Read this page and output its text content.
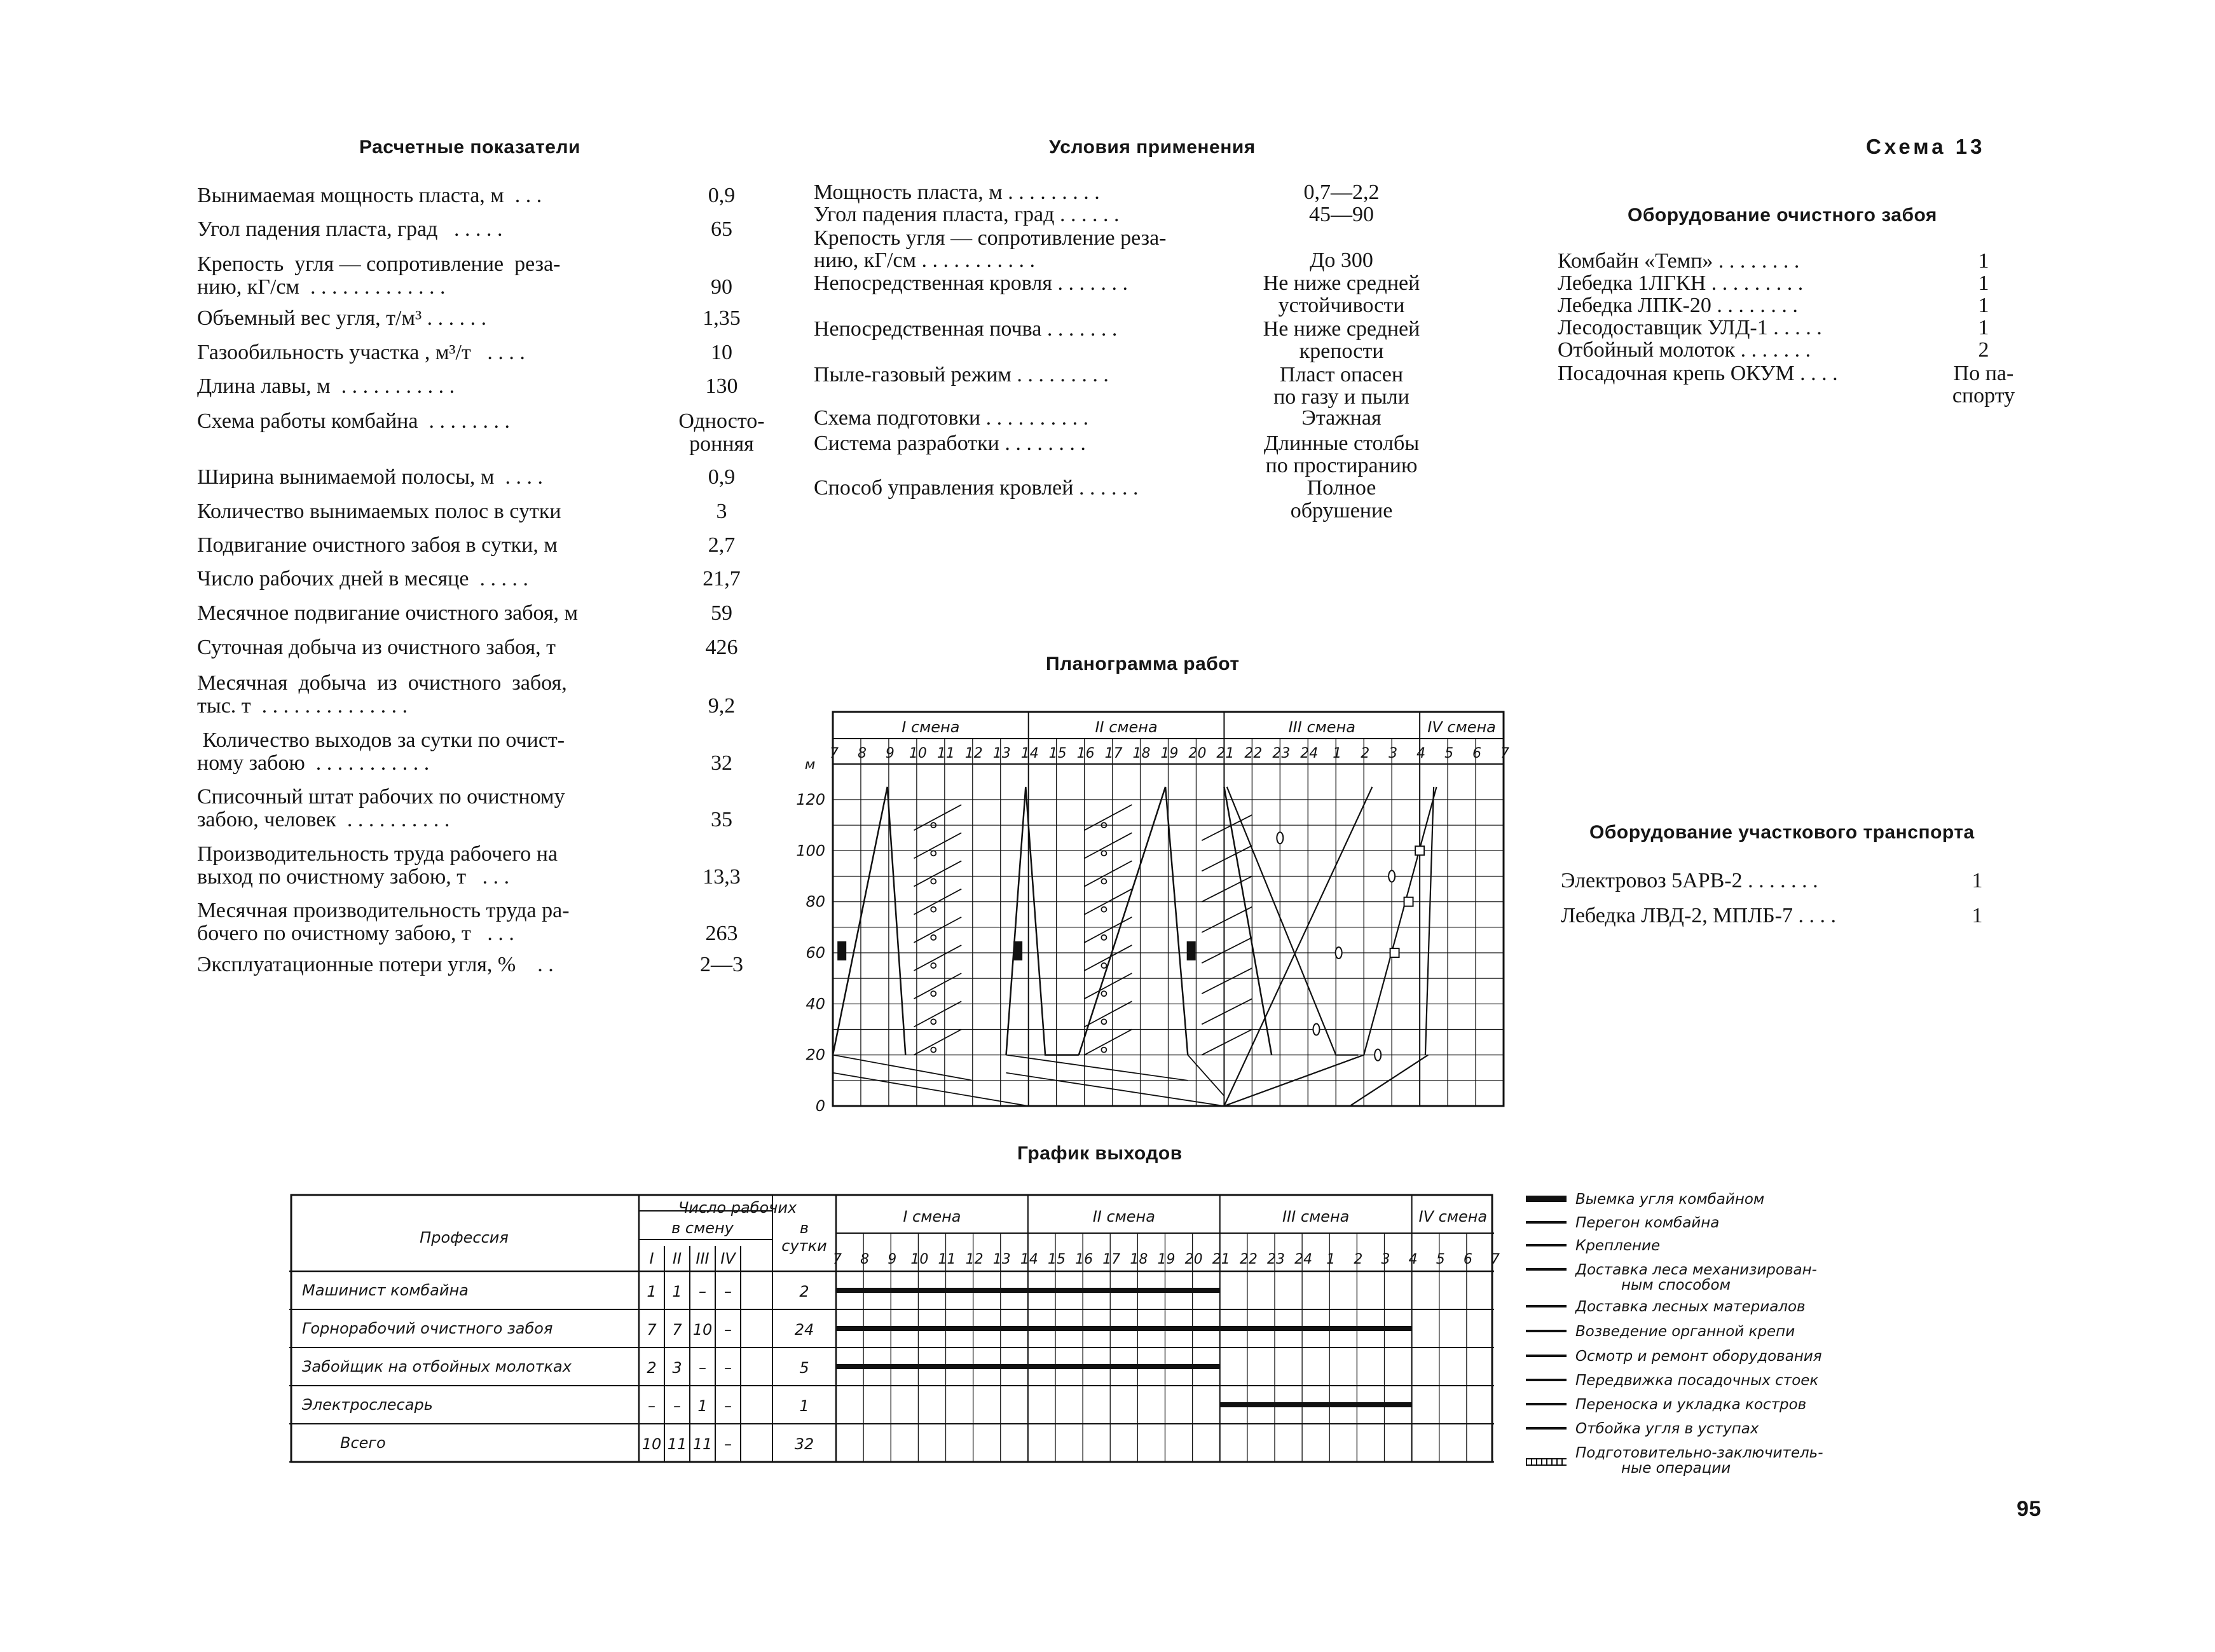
Схема 13
Расчетные показатели	Условия применения
Оборудование очистного забоя
Оборудование участкового транспорта
Планограмма работ
График выходов
Вынимаемая мощность пласта, м  . . .	0,9
Угол падения пласта, град   . . . . .	65
Крепость  угля — сопротивление  реза-
нию, кГ/см  . . . . . . . . . . . . .	90
Объемный вес угля, т/м³ . . . . . .	1,35
Газообильность участка , м³/т   . . . .	10
Длина лавы, м  . . . . . . . . . . .	130
Схема работы комбайна  . . . . . . . .	Односто-
ронняя
Ширина вынимаемой полосы, м  . . . .	0,9
Количество вынимаемых полос в сутки	3
Подвигание очистного забоя в сутки, м	2,7
Число рабочих дней в месяце  . . . . .	21,7
Месячное подвигание очистного забоя, м	59
Суточная добыча из очистного забоя, т	426
Месячная  добыча  из  очистного  забоя,
тыс. т  . . . . . . . . . . . . . .	9,2
Количество выходов за сутки по очист-
ному забою  . . . . . . . . . . .	32
Списочный штат рабочих по очистному
забою, человек  . . . . . . . . . .	35
Производительность труда рабочего на
выход по очистному забою, т   . . .	13,3
Месячная производительность труда ра-
бочего по очистному забою, т   . . .	263
Эксплуатационные потери угля, %    . .	2—3
Мощность пласта, м . . . . . . . . .	0,7—2,2
Угол падения пласта, град . . . . . .	45—90
Крепость угля — сопротивление реза-
нию, кГ/см . . . . . . . . . . .	До 300
Непосредственная кровля . . . . . . .	Не ниже средней
устойчивости
Непосредственная почва . . . . . . .	Не ниже средней
крепости
Пыле-газовый режим . . . . . . . . .	Пласт опасен
по газу и пыли
Схема подготовки . . . . . . . . . .	Этажная
Система разработки . . . . . . . .	Длинные столбы
по простиранию
Способ управления кровлей . . . . . .	Полное обрушение
Комбайн «Темп» . . . . . . . .	1
Лебедка 1ЛГКН . . . . . . . . .	1
Лебедка ЛПК-20 . . . . . . . .	1
Лесодоставщик УЛД-1 . . . . .	1
Отбойный молоток . . . . . . .	2
Посадочная крепь ОКУМ . . . .	По па-
спорту
Электровоз 5АРВ-2 . . . . . . .	1
Лебедка ЛВД-2, МПЛБ-7 . . . .	1
I смена	II смена	III смена	IV смена
7 8 9 10 11 12 13 14 15 16 17 18 19 20 21 22 23 24 1 2 3 4 5 6 7
120
100
80
60
40
20
0
м
Профессия
Число рабочих
в смену	в
сутки
I II III IV
I смена	II смена	III смена	IV смена
7 8 9 10 11 12 13 14 15 16 17 18 19 20 21 22 23 24 1 2 3 4 5 6 7
Машинист комбайна	1 1 – –	2
Горнорабочий очистного забоя	7 7 10 –	24
Забойщик на отбойных молотках	2 3 – –	5
Электрослесарь	– – 1 –	1
Всего	10 11 11 –	32
Выемка угля комбайном
Перегон комбайна
Крепление
Доставка леса механизирован-
ным способом
Доставка лесных материалов
Возведение органной крепи
Осмотр и ремонт оборудования
Передвижка посадочных стоек
Переноска и укладка костров
Отбойка угля в уступах
Подготовительно-заключитель-
ные операции
95
